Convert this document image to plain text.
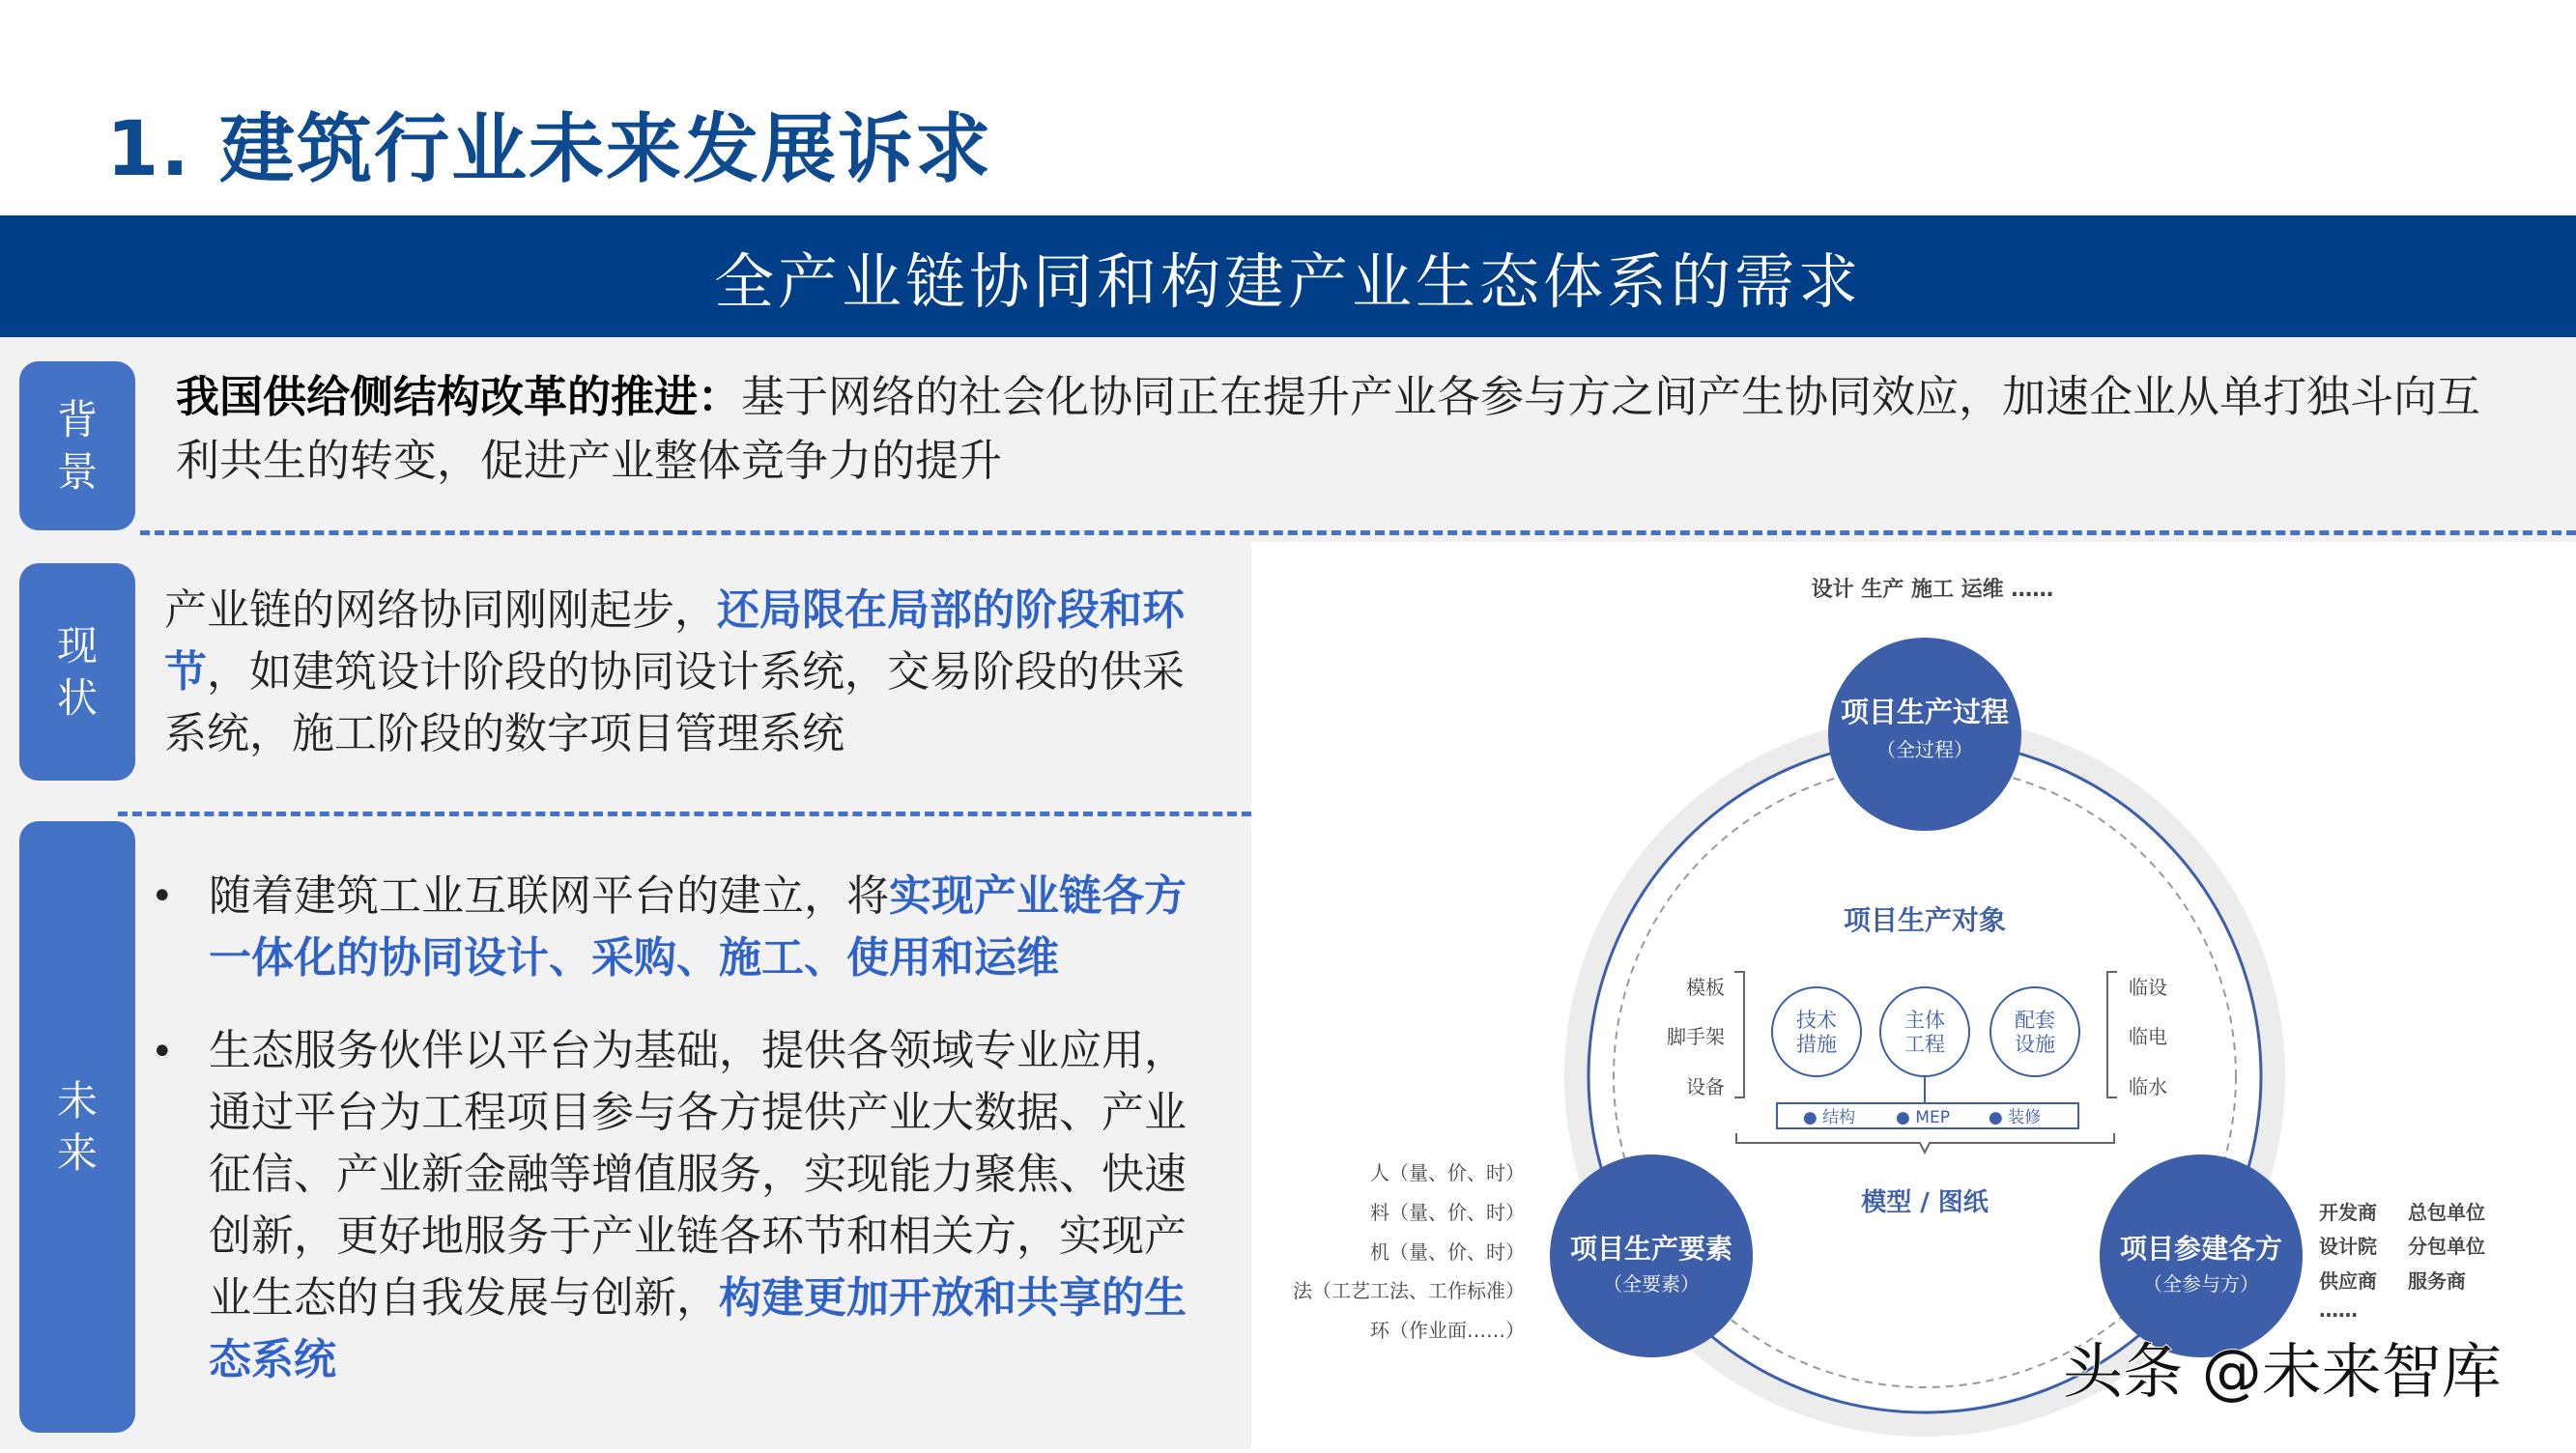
1. 建筑行业未来发展诉求
全产业链协同和构建产业生态体系的需求
背
景
现
状
未
来
我国供给侧结构改革的推进：基于网络的社会化协同正在提升产业各参与方之间产生协同效应，加速企业从单打独斗向互
利共生的转变，促进产业整体竞争力的提升
产业链的网络协同刚刚起步，还局限在局部的阶段和环节，如建筑设计阶段的协同设计系统，交易阶段的供采系统，施工阶段的数字项目管理系统
• 随着建筑工业互联网平台的建立，将实现产业链各方一体化的协同设计、采购、施工、使用和运维
• 生态服务伙伴以平台为基础，提供各领域专业应用，通过平台为工程项目参与各方提供产业大数据、产业征信、产业新金融等增值服务，实现能力聚焦、快速创新，更好地服务于产业链各环节和相关方，实现产业生态的自我发展与创新，构建更加开放和共享的生态系统
设计 生产 施工 运维 ……
项目生产过程
（全过程）
项目生产要素
（全要素）
项目参建各方
（全参与方）
项目生产对象
技术
措施
主体
工程
配套
设施
● 结构 ● MEP ● 装修
模板
脚手架
设备
临设
临电
临水
模型 / 图纸
人（量、价、时）
料（量、价、时）
机（量、价、时）
法（工艺工法、工作标准）
环（作业面……）
开发商 总包单位
设计院 分包单位
供应商 服务商
……
头条 @未来智库
